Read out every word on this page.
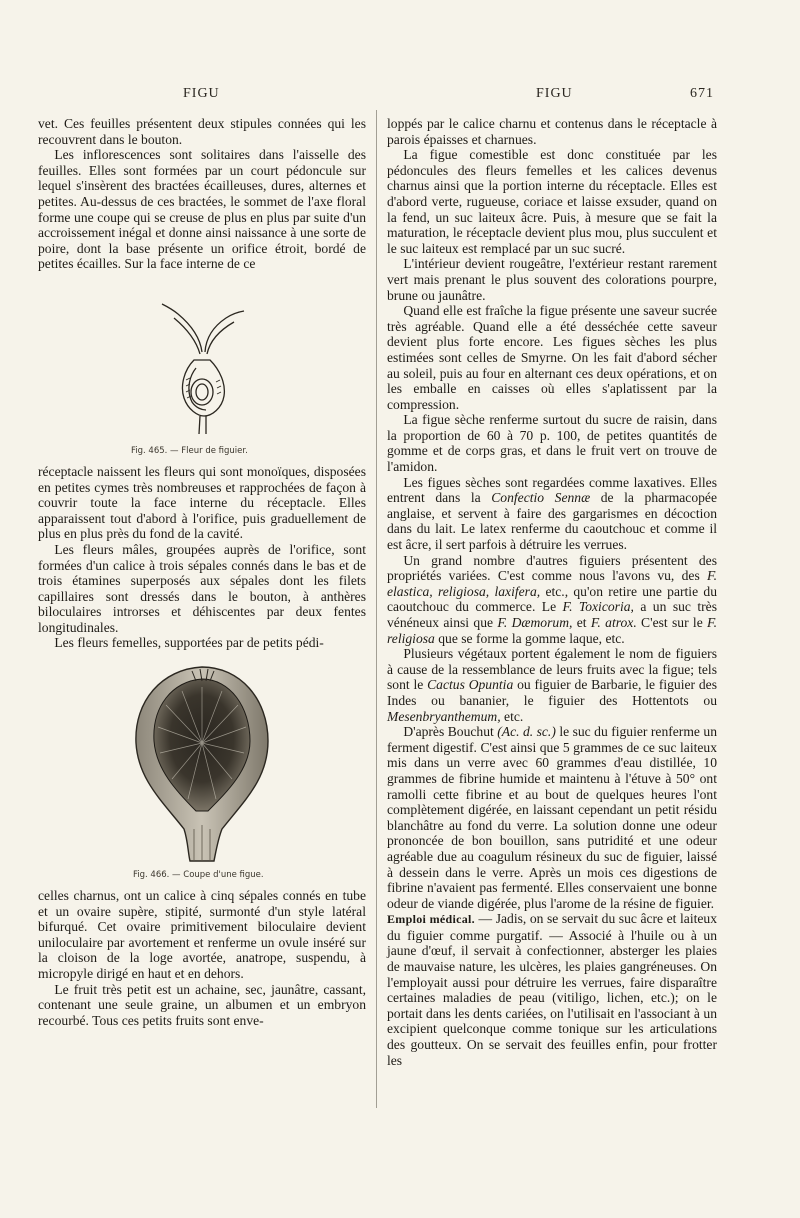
FIGU	FIGU	671

vet. Ces feuilles présentent deux stipules connées qui les recouvrent dans le bouton.

Les inflorescences sont solitaires dans l'aisselle des feuilles. Elles sont formées par un court pédoncule sur lequel s'insèrent des bractées écailleuses, dures, alternes et petites. Au-dessus de ces bractées, le sommet de l'axe floral forme une coupe qui se creuse de plus en plus par suite d'un accroissement inégal et donne ainsi naissance à une sorte de poire, dont la base présente un orifice étroit, bordé de petites écailles. Sur la face interne de ce

Fig. 465. — Fleur de figuier.

réceptacle naissent les fleurs qui sont monoïques, disposées en petites cymes très nombreuses et rapprochées de façon à couvrir toute la face interne du réceptacle. Elles apparaissent tout d'abord à l'orifice, puis graduellement de plus en plus près du fond de la cavité.

Les fleurs mâles, groupées auprès de l'orifice, sont formées d'un calice à trois sépales connés dans le bas et de trois étamines superposés aux sépales dont les filets capillaires sont dressés dans le bouton, à anthères biloculaires introrses et déhiscentes par deux fentes longitudinales.

Les fleurs femelles, supportées par de petits pédi-

Fig. 466. — Coupe d'une figue.

celles charnus, ont un calice à cinq sépales connés en tube et un ovaire supère, stipité, surmonté d'un style latéral bifurqué. Cet ovaire primitivement biloculaire devient uniloculaire par avortement et renferme un ovule inséré sur la cloison de la loge avortée, anatrope, suspendu, à micropyle dirigé en haut et en dehors.

Le fruit très petit est un achaine, sec, jaunâtre, cassant, contenant une seule graine, un albumen et un embryon recourbé. Tous ces petits fruits sont enve-

loppés par le calice charnu et contenus dans le réceptacle à parois épaisses et charnues.

La figue comestible est donc constituée par les pédoncules des fleurs femelles et les calices devenus charnus ainsi que la portion interne du réceptacle. Elles est d'abord verte, rugueuse, coriace et laisse exsuder, quand on la fend, un suc laiteux âcre. Puis, à mesure que se fait la maturation, le réceptacle devient plus mou, plus succulent et le suc laiteux est remplacé par un suc sucré.

L'intérieur devient rougeâtre, l'extérieur restant rarement vert mais prenant le plus souvent des colorations pourpre, brune ou jaunâtre.

Quand elle est fraîche la figue présente une saveur sucrée très agréable. Quand elle a été desséchée cette saveur devient plus forte encore. Les figues sèches les plus estimées sont celles de Smyrne. On les fait d'abord sécher au soleil, puis au four en alternant ces deux opérations, et on les emballe en caisses où elles s'aplatissent par la compression.

La figue sèche renferme surtout du sucre de raisin, dans la proportion de 60 à 70 p. 100, de petites quantités de gomme et de corps gras, et dans le fruit vert on trouve de l'amidon.

Les figues sèches sont regardées comme laxatives. Elles entrent dans la Confectio Sennæ de la pharmacopée anglaise, et servent à faire des gargarismes en décoction dans du lait. Le latex renferme du caoutchouc et comme il est âcre, il sert parfois à détruire les verrues.

Un grand nombre d'autres figuiers présentent des propriétés variées. C'est comme nous l'avons vu, des F. elastica, religiosa, laxifera, etc., qu'on retire une partie du caoutchouc du commerce. Le F. Toxicoria, a un suc très vénéneux ainsi que F. Dæmorum, et F. atrox. C'est sur le F. religiosa que se forme la gomme laque, etc.

Plusieurs végétaux portent également le nom de figuiers à cause de la ressemblance de leurs fruits avec la figue; tels sont le Cactus Opuntia ou figuier de Barbarie, le figuier des Indes ou bananier, le figuier des Hottentots ou Mesenbryanthemum, etc.

D'après Bouchut (Ac. d. sc.) le suc du figuier renferme un ferment digestif. C'est ainsi que 5 grammes de ce suc laiteux mis dans un verre avec 60 grammes d'eau distillée, 10 grammes de fibrine humide et maintenu à l'étuve à 50° ont ramolli cette fibrine et au bout de quelques heures l'ont complètement digérée, en laissant cependant un petit résidu blanchâtre au fond du verre. La solution donne une odeur prononcée de bon bouillon, sans putridité et une odeur agréable due au coagulum résineux du suc de figuier, laissé à dessein dans le verre. Après un mois ces digestions de fibrine n'avaient pas fermenté. Elles conservaient une bonne odeur de viande digérée, plus l'arome de la résine de figuier.

Emploi médical. — Jadis, on se servait du suc âcre et laiteux du figuier comme purgatif. — Associé à l'huile ou à un jaune d'œuf, il servait à confectionner, absterger les plaies de mauvaise nature, les ulcères, les plaies gangréneuses. On l'employait aussi pour détruire les verrues, faire disparaître certaines maladies de peau (vitiligo, lichen, etc.); on le portait dans les dents cariées, on l'utilisait en l'associant à un excipient quelconque comme tonique sur les articulations des goutteux. On se servait des feuilles enfin, pour frotter les
